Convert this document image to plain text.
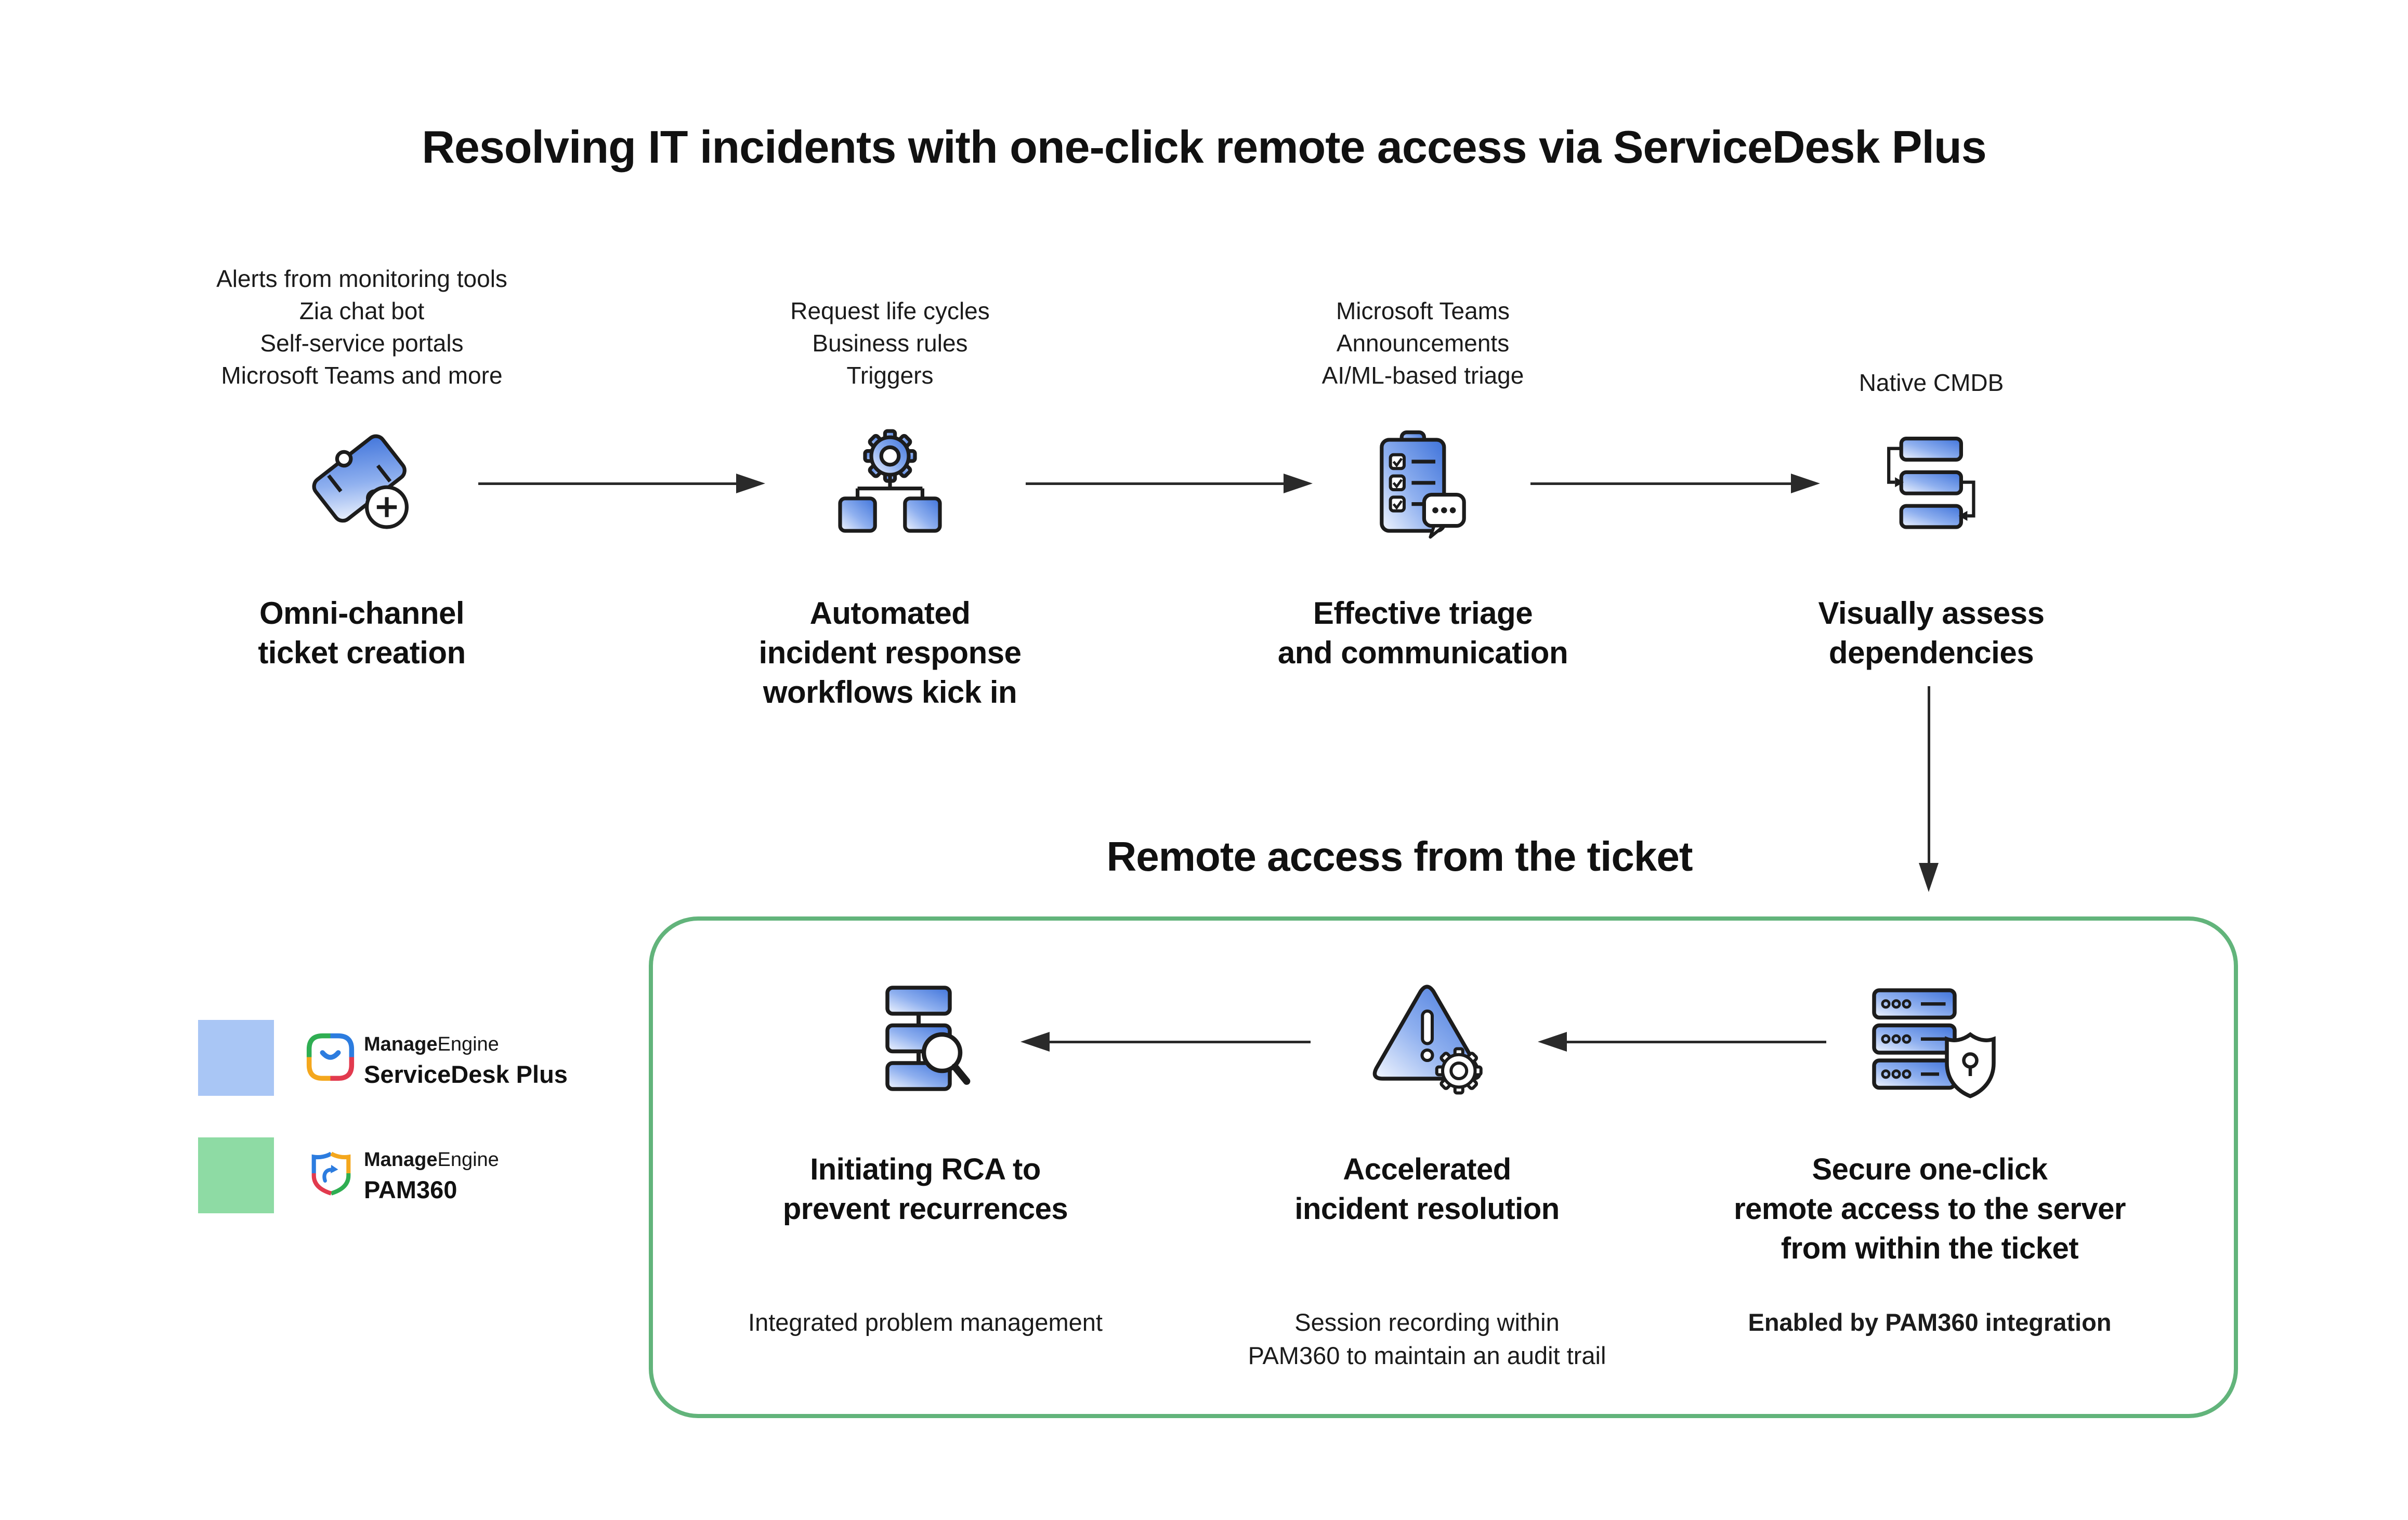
Resolving IT incidents with one-click remote access via ServiceDesk Plus
Alerts from monitoring tools
Zia chat bot
Self-service portals
Microsoft Teams and more
Request life cycles
Business rules
Triggers
Microsoft Teams
Announcements
AI/ML-based triage	Native CMDB
Omni-channel
ticket creation
Automated
incident response
workflows kick in
Effective triage
and communication
Visually assess
dependencies
Remote access from the ticket
Initiating RCA to
prevent recurrences
Accelerated
incident resolution
Secure one-click
remote access to the server
from within the ticket
Integrated problem management	Session recording within
PAM360 to maintain an audit trail
Enabled by PAM360 integration
ManageEngine
ServiceDesk Plus
ManageEngine
PAM360
